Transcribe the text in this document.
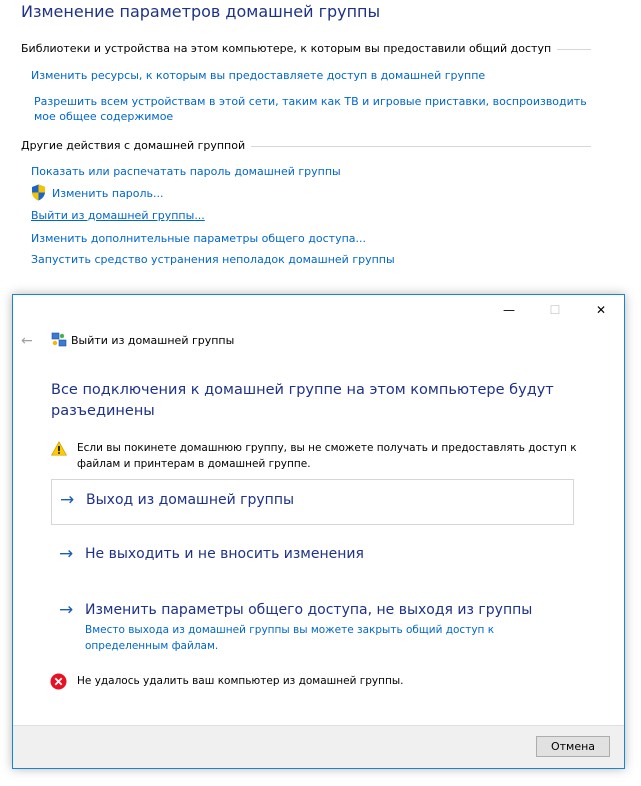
Изменение параметров домашней группы
Библиотеки и устройства на этом компьютере, к которым вы предоставили общий доступ
Изменить ресурсы, к которым вы предоставляете доступ в домашней группе
Разрешить всем устройствам в этой сети, таким как ТВ и игровые приставки, воспроизводить мое общее содержимое
Другие действия с домашней группой
Показать или распечатать пароль домашней группы
Изменить пароль...
Выйти из домашней группы...
Изменить дополнительные параметры общего доступа...
Запустить средство устранения неполадок домашней группы
—	☐	✕
←	Выйти из домашней группы
Все подключения к домашней группе на этом компьютере будут разъединены
Если вы покинете домашнюю группу, вы не сможете получать и предоставлять доступ к файлам и принтерам в домашней группе.
→ Выход из домашней группы
→ Не выходить и не вносить изменения
→ Изменить параметры общего доступа, не выходя из группы
Вместо выхода из домашней группы вы можете закрыть общий доступ к определенным файлам.
Не удалось удалить ваш компьютер из домашней группы.
Отмена
